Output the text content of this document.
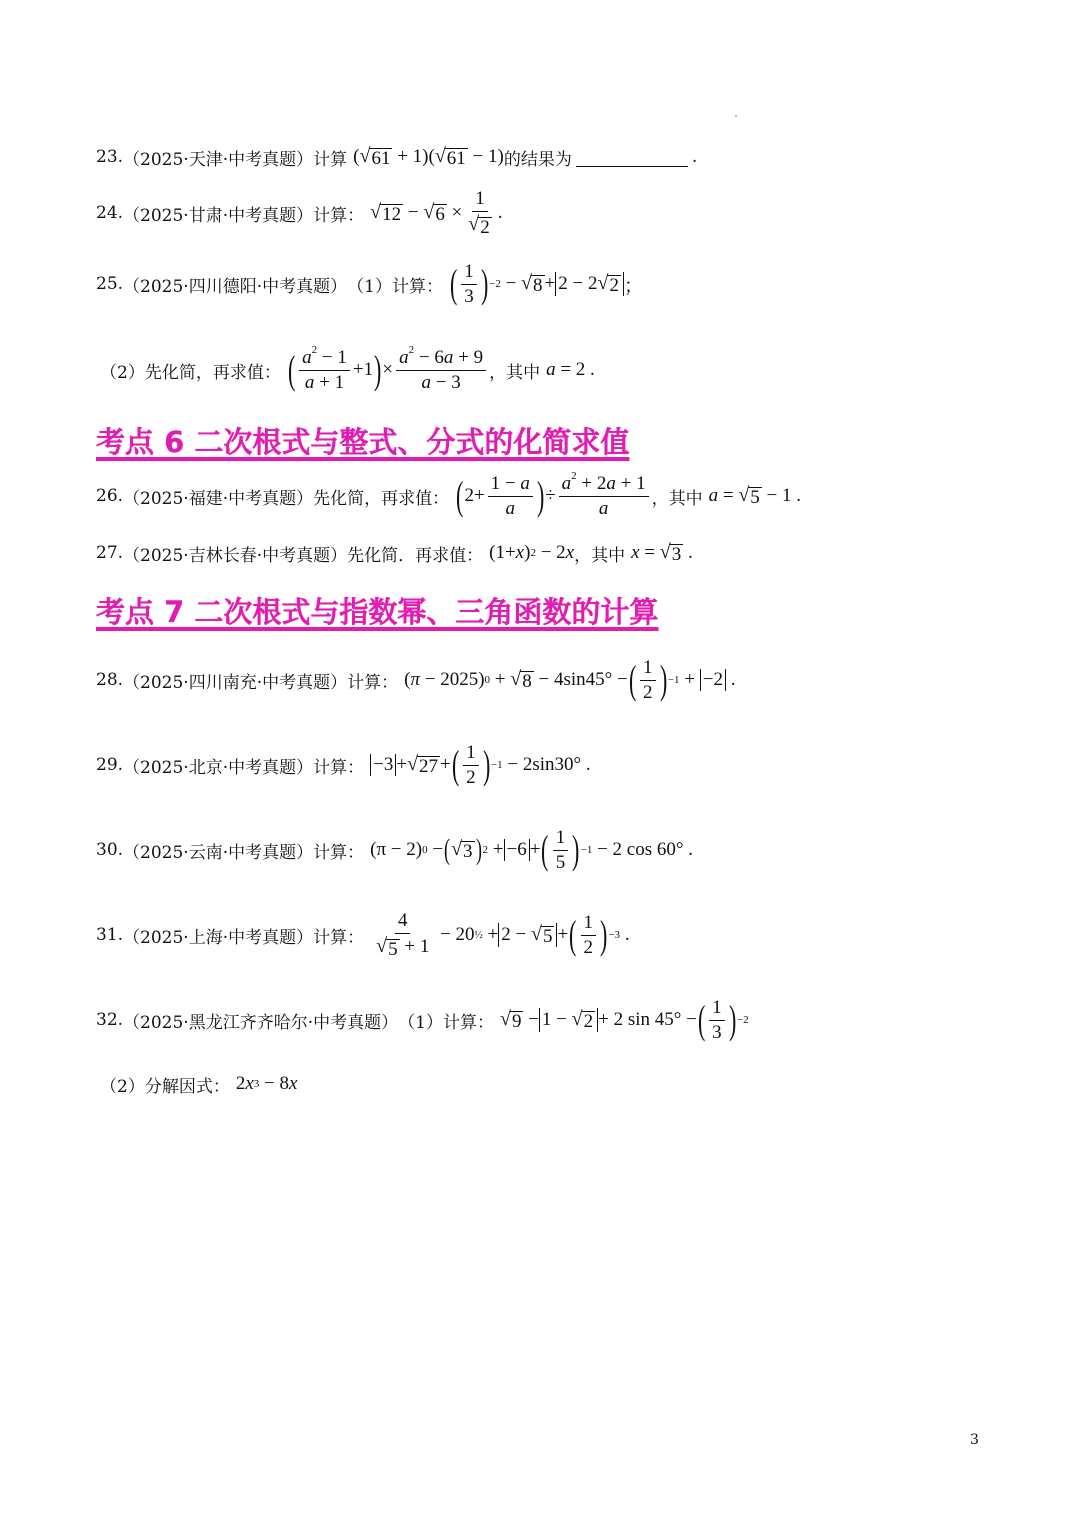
23. （2025·天津·中考真题） 计算 ( √ 61 + 1)( √ 61 − 1) 的结果为	.
24. （2025·甘肃·中考真题） 计算： √ 12 − √ $6 \times \frac{1}{√ 2}$ .
25. （2025·四川德阳·中考真题） （1）计算： ( $\frac{1}{3}$ ) −2 − √ 8 + 2 − 2 √ 2 ；
（2）先化简，再求值： ( $\frac{a^2 - 1}{a + 1} +1$ ) × $\frac{a^2 - 6a + 9}{a - 3}$ ，其中 a = 2 .
考点 6 二次根式与整式、分式的化简求值
26. （2025·福建·中考真题） 先化简，再求值： ( $2+ \frac{1 - a}{a}$ ) ÷ $\frac{a^2 + 2a + 1}{a}$ ，其中 a = √ 5 − 1 .
27. （2025·吉林长春·中考真题） 先化简．再求值： (1+ x ) 2 − 2 x ，其中 x = √ 3 .
考点 7 二次根式与指数幂、三角函数的计算
28. （2025·四川南充·中考真题） 计算： ( π − 2025) 0 + √ 8 − 4sin45° − ( $\frac{1}{2}$ ) −1 + −2 .
29. （2025·北京·中考真题） 计算： −3 + √ 27 + ( $\frac{1}{2}$ ) −1 − 2sin30° .
30. （2025·云南·中考真题） 计算： (π − 2) 0 − ( √ 3 ) 2 + −6 + ( $\frac{1}{5}$ ) −1 − 2 cos 60° .
31. （2025·上海·中考真题） 计算： $\frac{4}{√ 5 + 1} - 20$ ½ + 2 − √ 5 + ( $\frac{1}{2}$ ) −3 .
32. （2025·黑龙江齐齐哈尔·中考真题） （1）计算： √ 9 − 1 − √ 2 + 2 sin 45° − ( $\frac{1}{3}$ ) −2
（2）分解因式： 2 x 3 − 8 x
3
